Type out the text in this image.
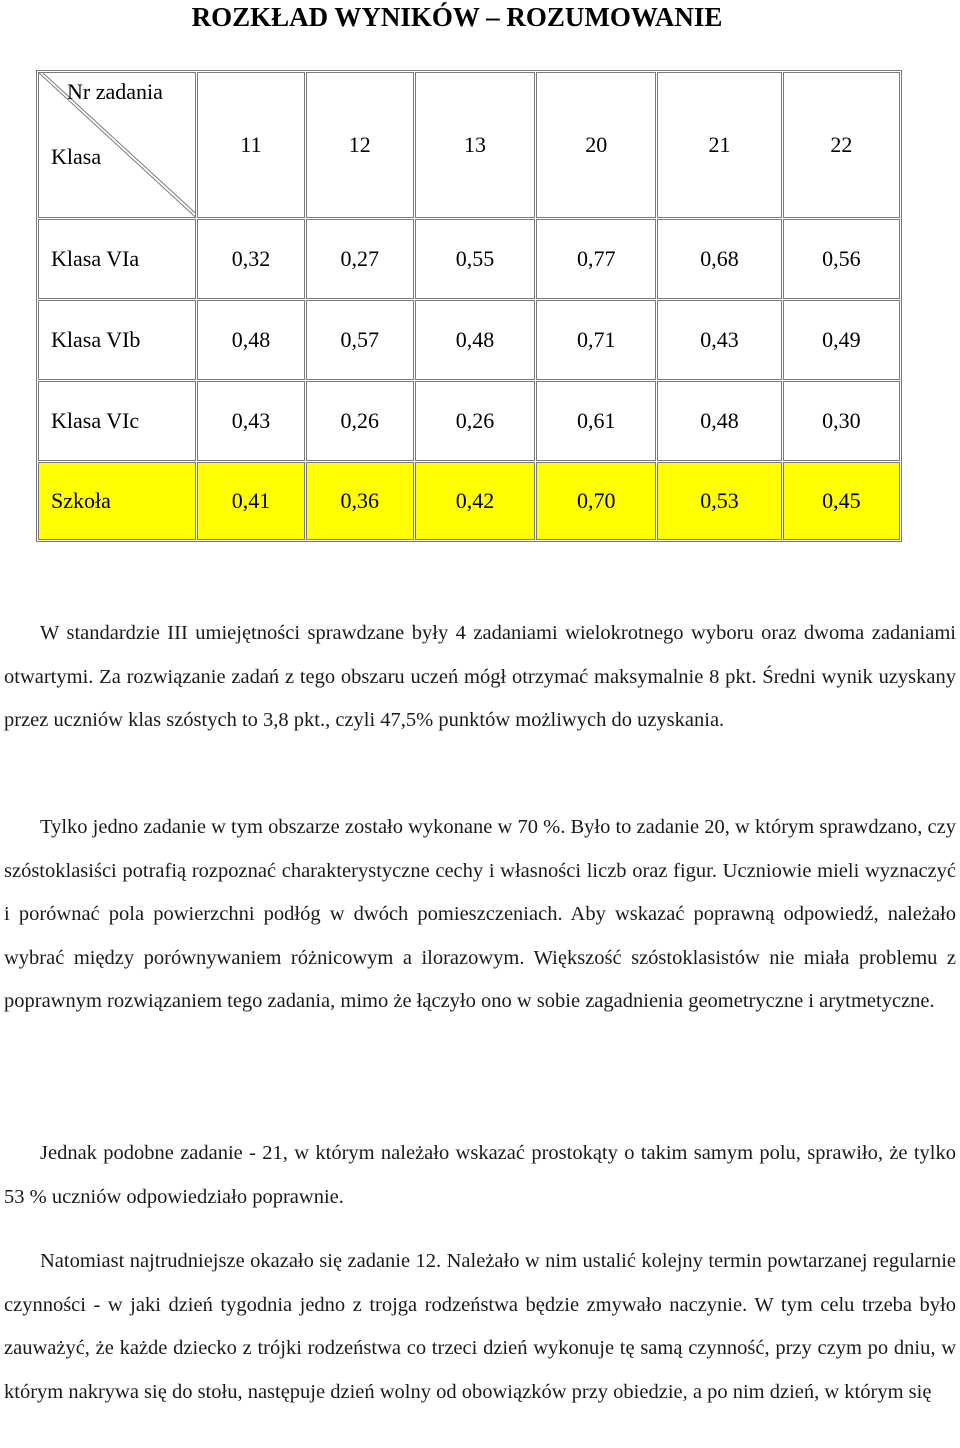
ROZKŁAD WYNIKÓW – ROZUMOWANIE
Nr zadania
Klasa	11	12	13	20	21	22
Klasa VIa	0,32	0,27	0,55	0,77	0,68	0,56
Klasa VIb	0,48	0,57	0,48	0,71	0,43	0,49
Klasa VIc	0,43	0,26	0,26	0,61	0,48	0,30
Szkoła	0,41	0,36	0,42	0,70	0,53	0,45

W standardzie III umiejętności sprawdzane były 4 zadaniami wielokrotnego wyboru oraz dwoma zadaniami otwartymi. Za rozwiązanie zadań z tego obszaru uczeń mógł otrzymać maksymalnie 8 pkt. Średni wynik uzyskany przez uczniów klas szóstych to 3,8 pkt., czyli 47,5% punktów możliwych do uzyskania.

Tylko jedno zadanie w tym obszarze zostało wykonane w 70 %. Było to zadanie 20, w którym sprawdzano, czy szóstoklasiści potrafią rozpoznać charakterystyczne cechy i własności liczb oraz figur. Uczniowie mieli wyznaczyć i porównać pola powierzchni podłóg w dwóch pomieszczeniach. Aby wskazać poprawną odpowiedź, należało wybrać między porównywaniem różnicowym a ilorazowym. Większość szóstoklasistów nie miała problemu z poprawnym rozwiązaniem tego zadania, mimo że łączyło ono w sobie zagadnienia geometryczne i arytmetyczne.

Jednak podobne zadanie - 21, w którym należało wskazać prostokąty o takim samym polu, sprawiło, że tylko 53 % uczniów odpowiedziało poprawnie.

Natomiast najtrudniejsze okazało się zadanie 12. Należało w nim ustalić kolejny termin powtarzanej regularnie czynności - w jaki dzień tygodnia jedno z trojga rodzeństwa będzie zmywało naczynie. W tym celu trzeba było zauważyć, że każde dziecko z trójki rodzeństwa co trzeci dzień wykonuje tę samą czynność, przy czym po dniu, w którym nakrywa się do stołu, następuje dzień wolny od obowiązków przy obiedzie, a po nim dzień, w którym się
